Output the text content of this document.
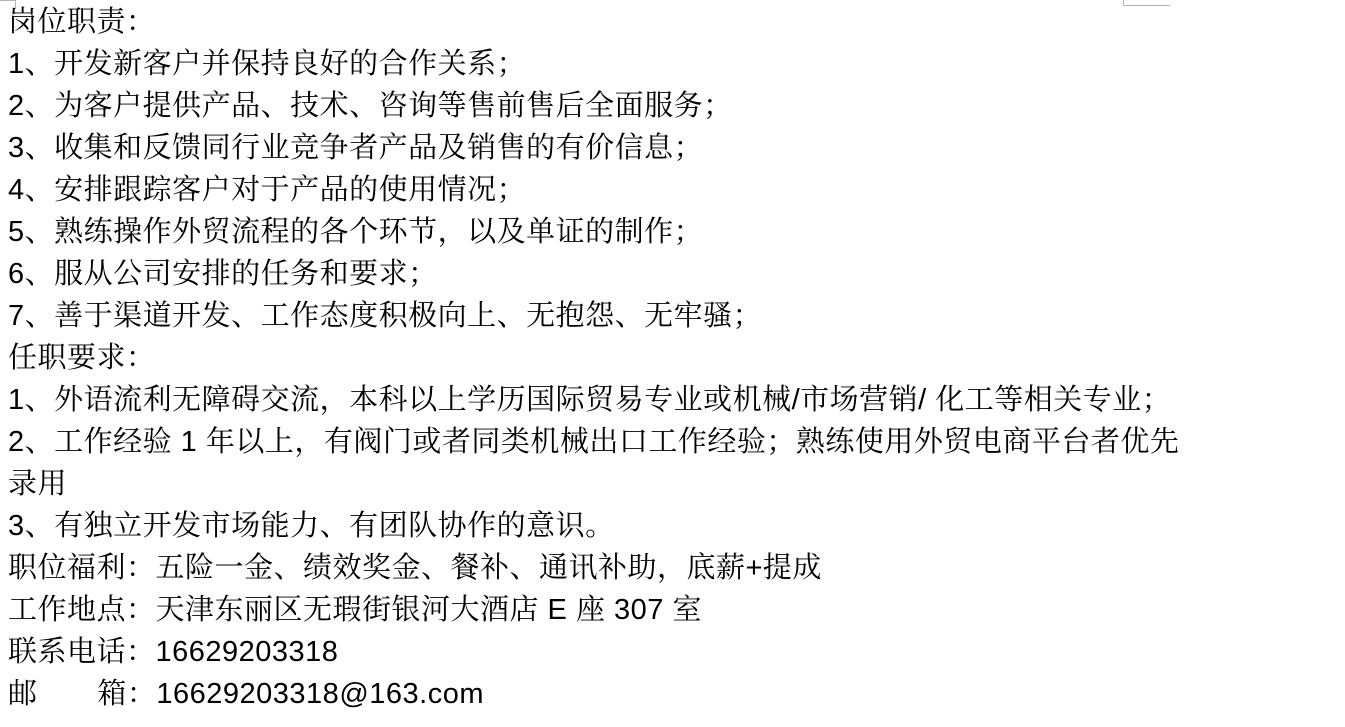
岗位职责：
1、开发新客户并保持良好的合作关系；
2、为客户提供产品、技术、咨询等售前售后全面服务；
3、收集和反馈同行业竞争者产品及销售的有价信息；
4、安排跟踪客户对于产品的使用情况；
5、熟练操作外贸流程的各个环节，以及单证的制作；
6、服从公司安排的任务和要求；
7、善于渠道开发、工作态度积极向上、无抱怨、无牢骚；
任职要求：
1、外语流利无障碍交流，本科以上学历国际贸易专业或机械/市场营销/ 化工等相关专业；
2、工作经验 1 年以上，有阀门或者同类机械出口工作经验；熟练使用外贸电商平台者优先
录用
3、有独立开发市场能力、有团队协作的意识。
职位福利：五险一金、绩效奖金、餐补、通讯补助，底薪+提成
工作地点：天津东丽区无瑕街银河大酒店 E 座 307 室
联系电话：16629203318
邮       箱：16629203318@163.com
